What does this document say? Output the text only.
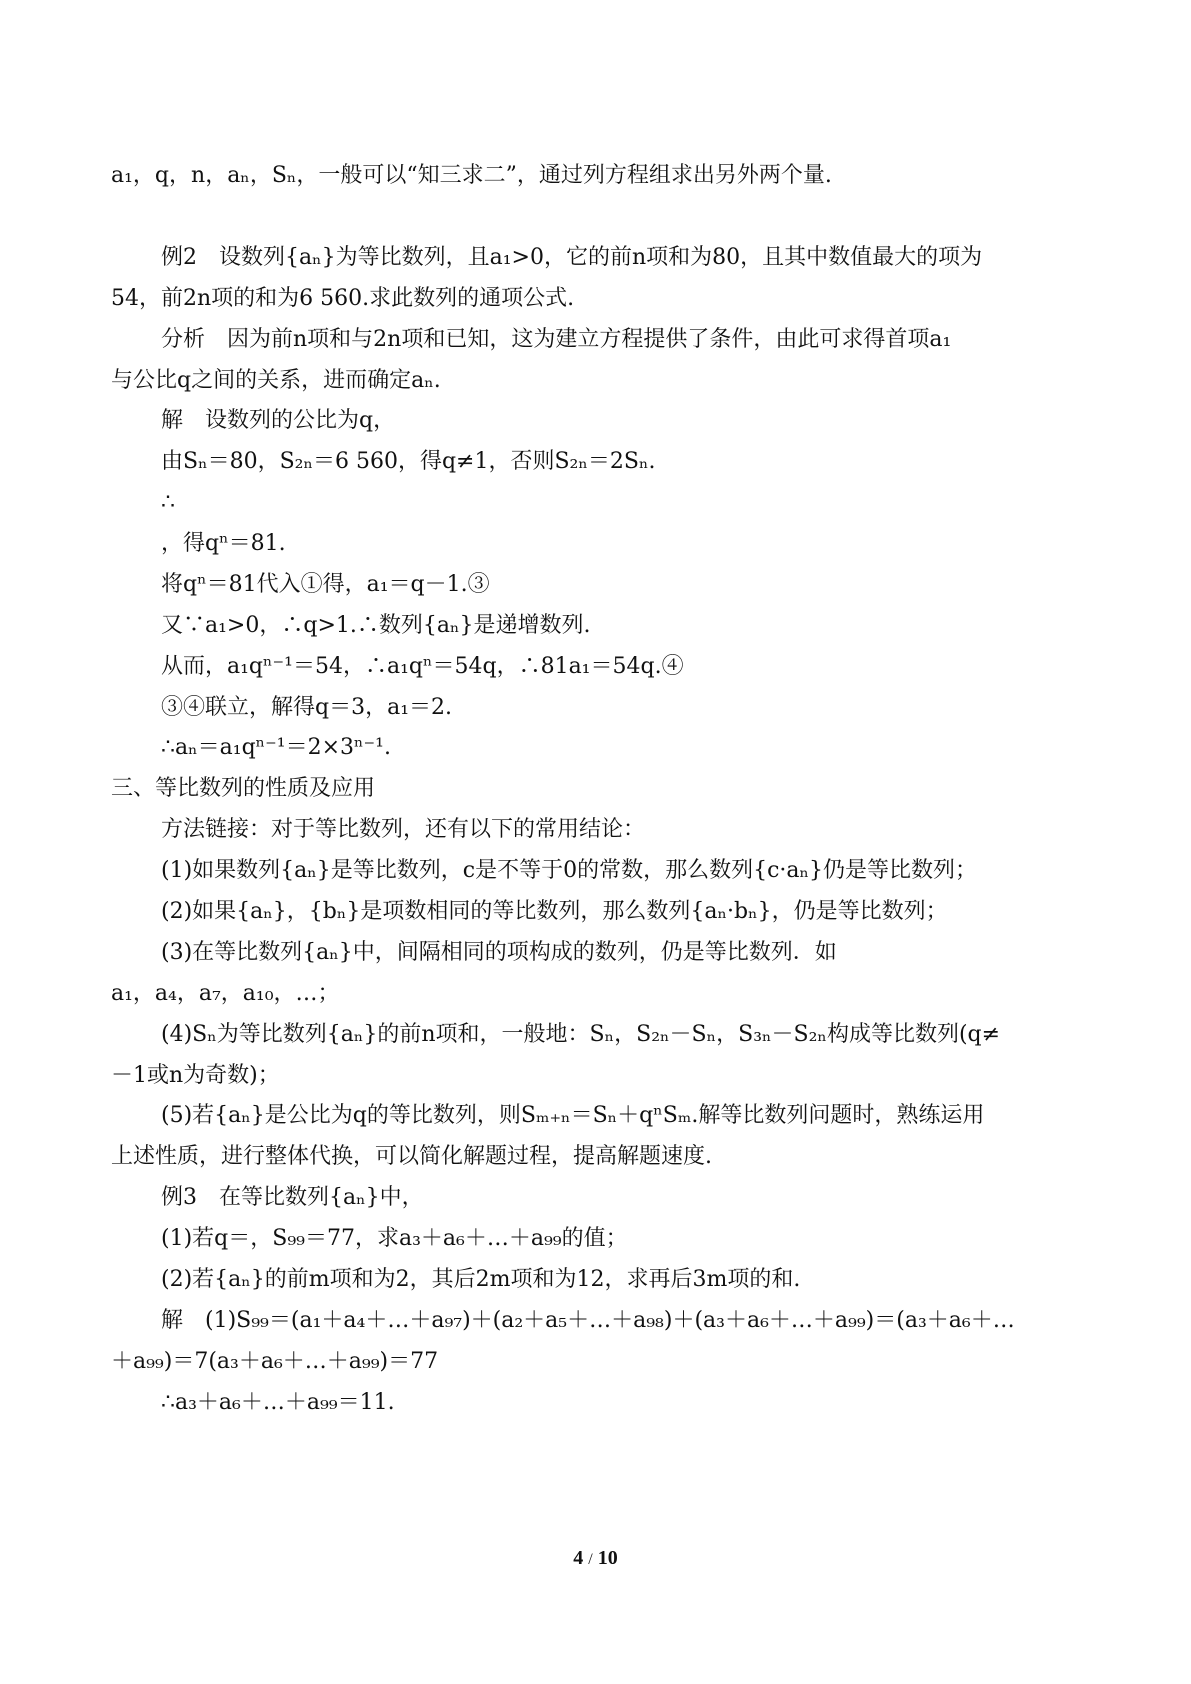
a₁，q，n，aₙ，Sₙ，一般可以“知三求二”，通过列方程组求出另外两个量.
例2　设数列{aₙ}为等比数列，且a₁>0，它的前n项和为80，且其中数值最大的项为
54，前2n项的和为6 560.求此数列的通项公式.
分析　因为前n项和与2n项和已知，这为建立方程提供了条件，由此可求得首项a₁
与公比q之间的关系，进而确定aₙ.
解　设数列的公比为q，
由Sₙ＝80，S₂ₙ＝6 560，得q≠1，否则S₂ₙ＝2Sₙ.
∴
，得qⁿ＝81.
将qⁿ＝81代入①得，a₁＝q－1.③
又∵a₁>0，∴q>1.∴数列{aₙ}是递增数列.
从而，a₁qⁿ⁻¹＝54，∴a₁qⁿ＝54q，∴81a₁＝54q.④
③④联立，解得q＝3，a₁＝2.
∴aₙ＝a₁qⁿ⁻¹＝2×3ⁿ⁻¹.
三、等比数列的性质及应用
方法链接：对于等比数列，还有以下的常用结论：
(1)如果数列{aₙ}是等比数列，c是不等于0的常数，那么数列{c·aₙ}仍是等比数列；
(2)如果{aₙ}，{bₙ}是项数相同的等比数列，那么数列{aₙ·bₙ}，仍是等比数列；
(3)在等比数列{aₙ}中，间隔相同的项构成的数列，仍是等比数列．如
a₁，a₄，a₇，a₁₀，…；
(4)Sₙ为等比数列{aₙ}的前n项和，一般地：Sₙ，S₂ₙ－Sₙ，S₃ₙ－S₂ₙ构成等比数列(q≠
－1或n为奇数)；
(5)若{aₙ}是公比为q的等比数列，则Sₘ₊ₙ＝Sₙ＋qⁿSₘ.解等比数列问题时，熟练运用
上述性质，进行整体代换，可以简化解题过程，提高解题速度.
例3　在等比数列{aₙ}中，
(1)若q＝，S₉₉＝77，求a₃＋a₆＋…＋a₉₉的值；
(2)若{aₙ}的前m项和为2，其后2m项和为12，求再后3m项的和.
解　(1)S₉₉＝(a₁＋a₄＋…＋a₉₇)＋(a₂＋a₅＋…＋a₉₈)＋(a₃＋a₆＋…＋a₉₉)＝(a₃＋a₆＋…
＋a₉₉)＝7(a₃＋a₆＋…＋a₉₉)＝77
∴a₃＋a₆＋…＋a₉₉＝11.
4 / 10
